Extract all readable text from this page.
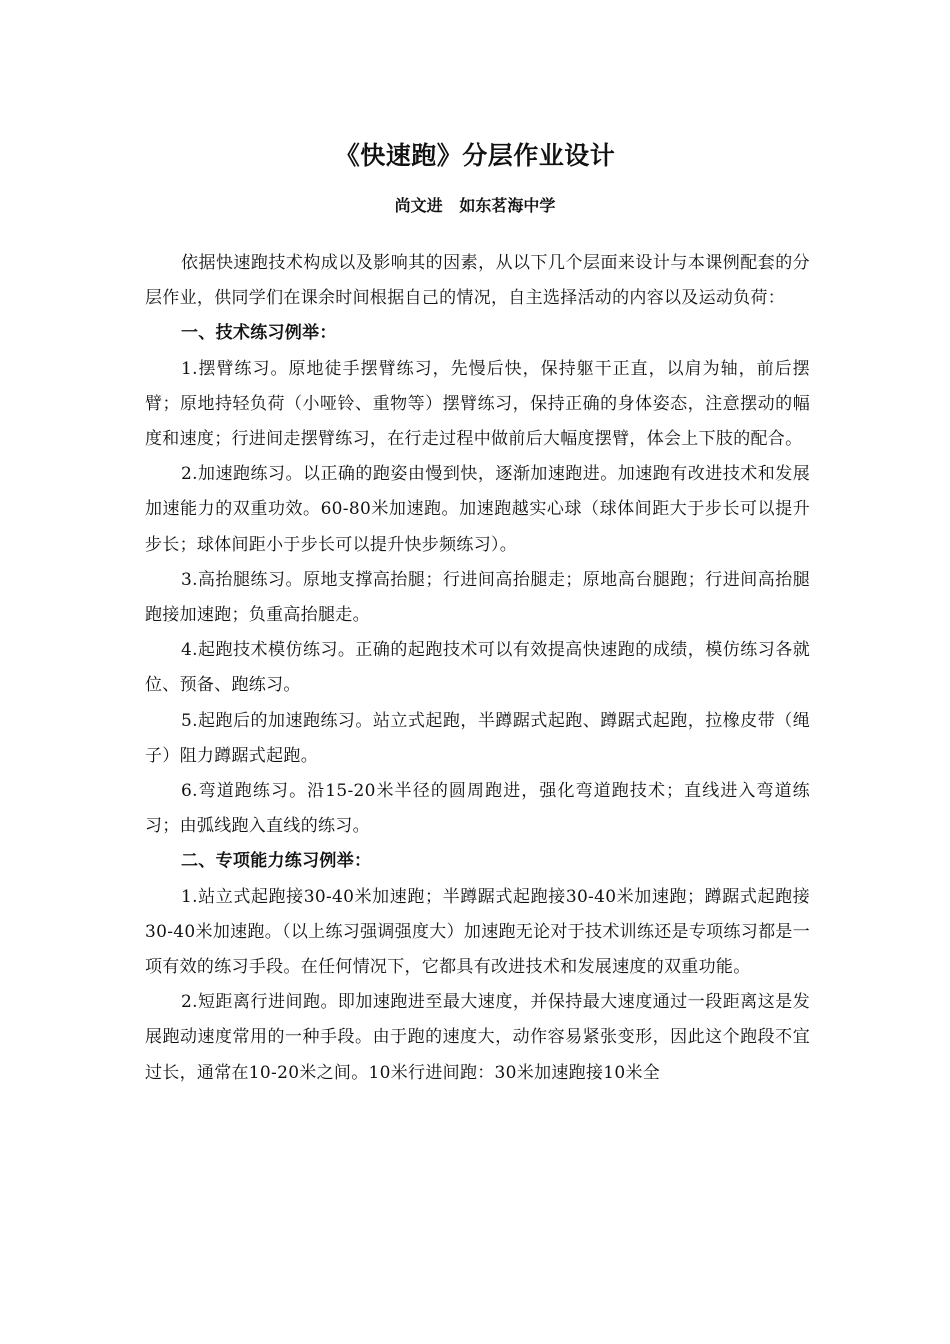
《快速跑》分层作业设计
尚文进   如东茗海中学

依据快速跑技术构成以及影响其的因素，从以下几个层面来设计与本课例配套的分层作业，供同学们在课余时间根据自己的情况，自主选择活动的内容以及运动负荷：

一、技术练习例举：

1.摆臂练习。原地徒手摆臂练习，先慢后快，保持躯干正直，以肩为轴，前后摆臂；原地持轻负荷（小哑铃、重物等）摆臂练习，保持正确的身体姿态，注意摆动的幅度和速度；行进间走摆臂练习，在行走过程中做前后大幅度摆臂，体会上下肢的配合。

2.加速跑练习。以正确的跑姿由慢到快，逐渐加速跑进。加速跑有改进技术和发展加速能力的双重功效。60-80米加速跑。加速跑越实心球（球体间距大于步长可以提升步长；球体间距小于步长可以提升快步频练习）。

3.高抬腿练习。原地支撑高抬腿；行进间高抬腿走；原地高台腿跑；行进间高抬腿跑接加速跑；负重高抬腿走。

4.起跑技术模仿练习。正确的起跑技术可以有效提高快速跑的成绩，模仿练习各就位、预备、跑练习。

5.起跑后的加速跑练习。站立式起跑，半蹲踞式起跑、蹲踞式起跑，拉橡皮带（绳子）阻力蹲踞式起跑。

6.弯道跑练习。沿15-20米半径的圆周跑进，强化弯道跑技术；直线进入弯道练习；由弧线跑入直线的练习。

二、专项能力练习例举：

1.站立式起跑接30-40米加速跑；半蹲踞式起跑接30-40米加速跑；蹲踞式起跑接30-40米加速跑。（以上练习强调强度大）加速跑无论对于技术训练还是专项练习都是一项有效的练习手段。在任何情况下，它都具有改进技术和发展速度的双重功能。

2.短距离行进间跑。即加速跑进至最大速度，并保持最大速度通过一段距离这是发展跑动速度常用的一种手段。由于跑的速度大，动作容易紧张变形，因此这个跑段不宜过长，通常在10-20米之间。10米行进间跑：30米加速跑接10米全
